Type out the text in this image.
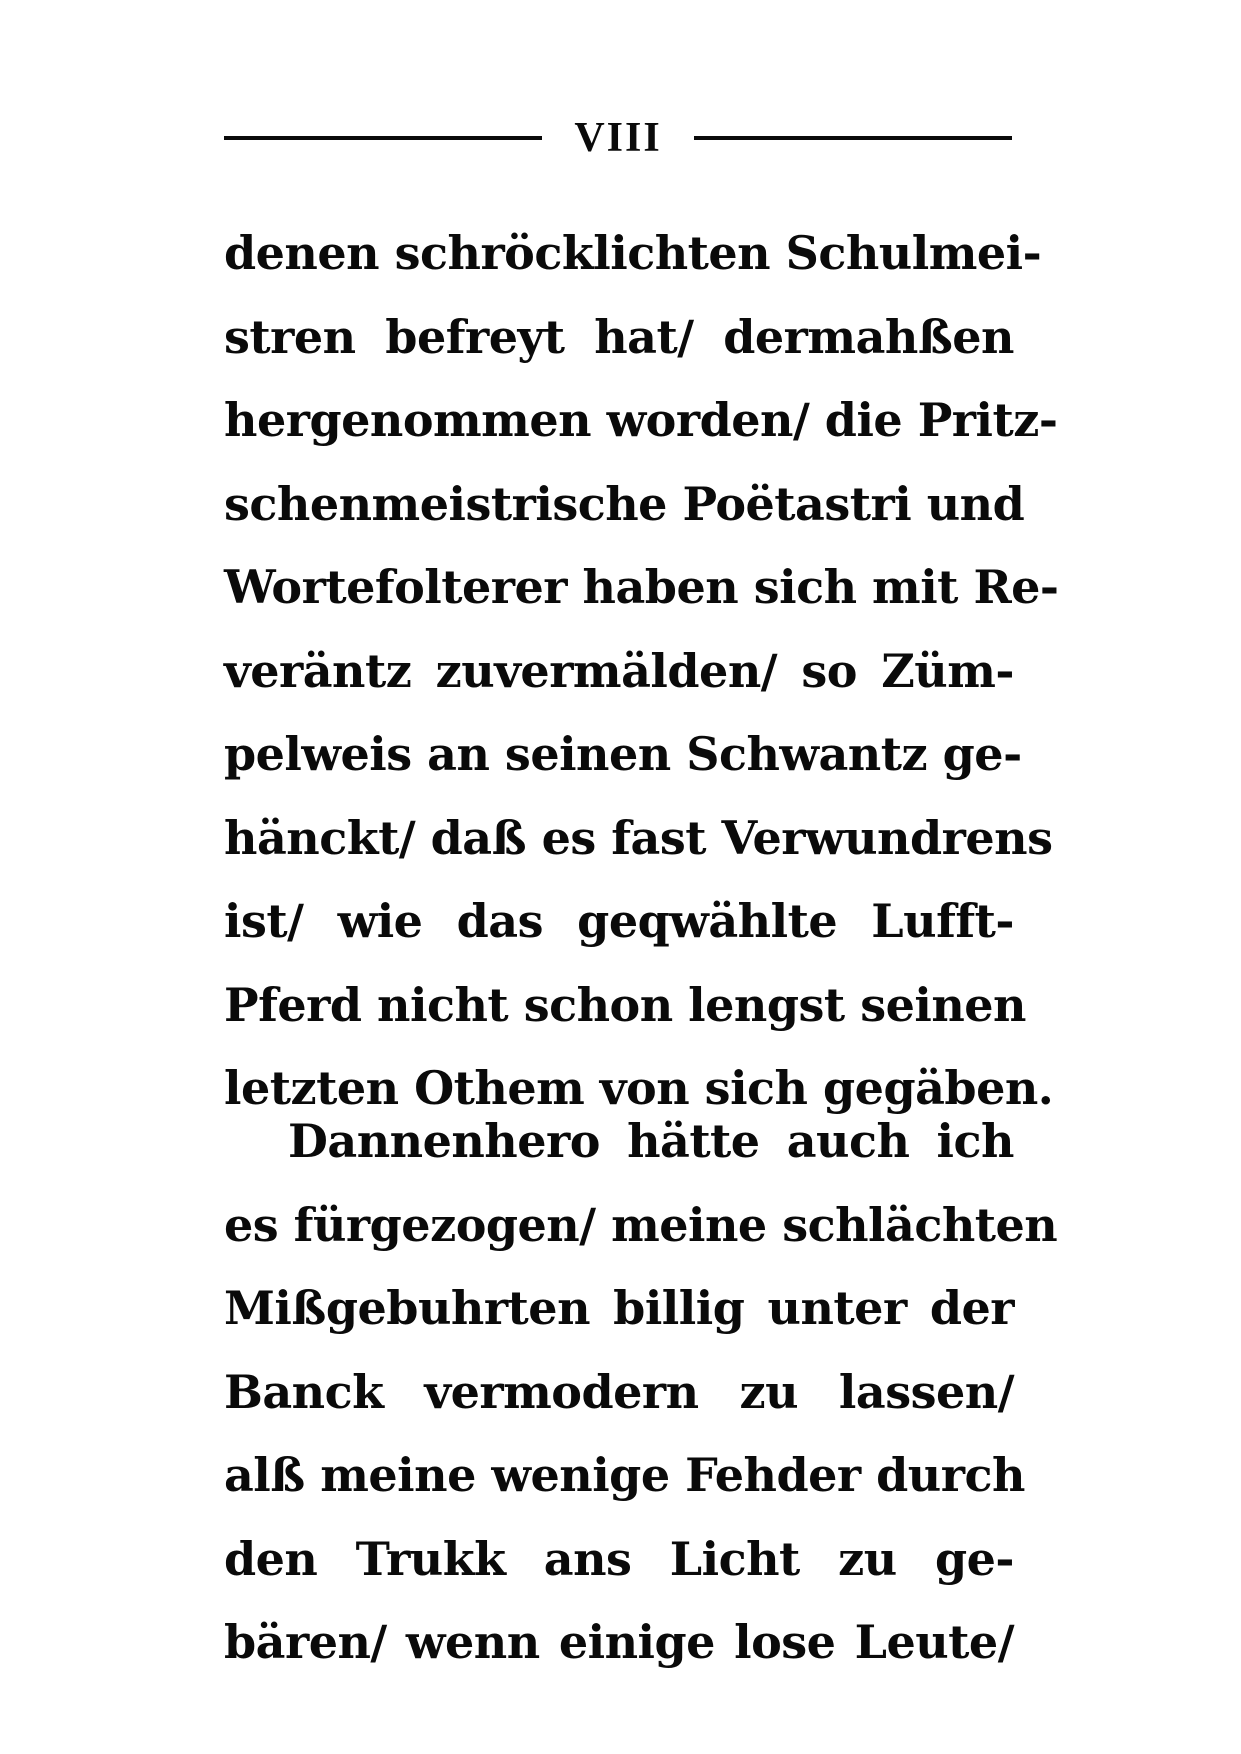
VIII
denen schröcklichten Schulmei-
stren befreyt hat/ dermahßen
hergenommen worden/ die Pritz-
schenmeistrische Poëtastri und
Wortefolterer haben sich mit Re-
veräntz zuvermälden/ so Züm-
pelweis an seinen Schwantz ge-
hänckt/ daß es fast Verwundrens
ist/ wie das geqwählte Lufft-
Pferd nicht schon lengst seinen
letzten Othem von sich gegäben.
Dannenhero hätte auch ich
es fürgezogen/ meine schlächten
Mißgebuhrten billig unter der
Banck vermodern zu lassen/
alß meine wenige Fehder durch
den Trukk ans Licht zu ge-
bären/ wenn einige lose Leute/
